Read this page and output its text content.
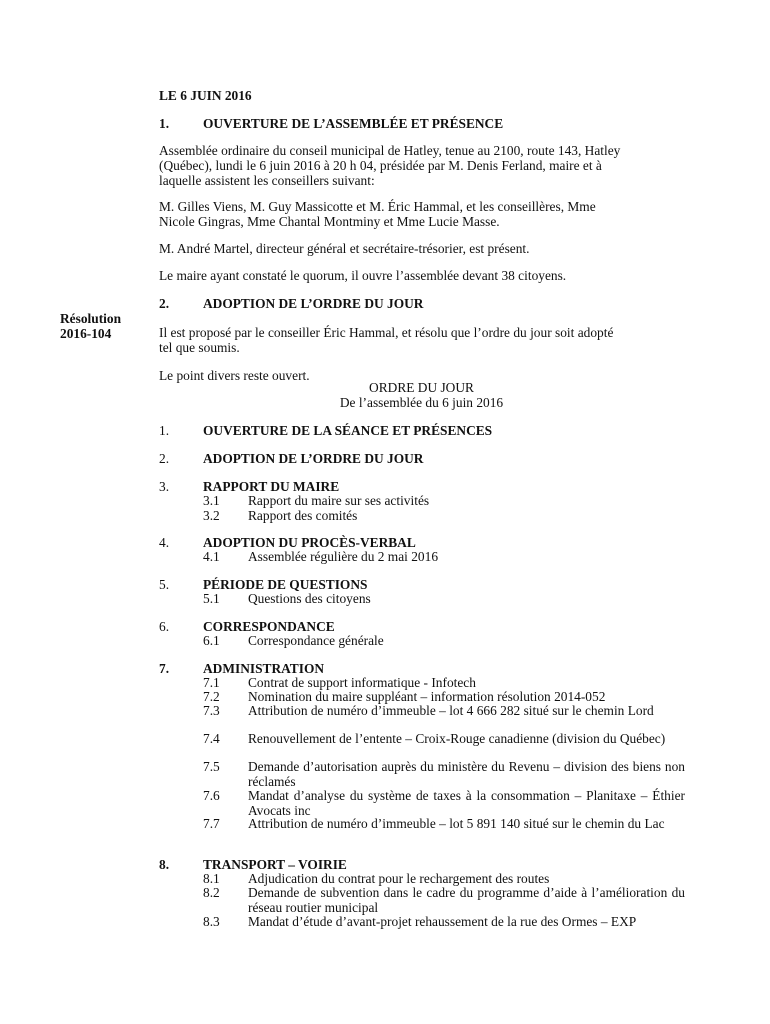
LE 6 JUIN 2016
1.	OUVERTURE DE L’ASSEMBLÉE ET PRÉSENCE
Assemblée ordinaire du conseil municipal de Hatley, tenue au 2100, route 143, Hatley
(Québec), lundi le 6 juin 2016 à 20 h 04, présidée par M. Denis Ferland, maire et à
laquelle assistent les conseillers suivant:
M. Gilles Viens, M. Guy Massicotte et M. Éric Hammal, et les conseillères, Mme
Nicole Gingras, Mme Chantal Montminy et Mme Lucie Masse.
M. André Martel, directeur général et secrétaire-trésorier, est présent.
Le maire ayant constaté le quorum, il ouvre l’assemblée devant 38 citoyens.
Résolution
2016-104
2.	ADOPTION DE L’ORDRE DU JOUR
Il est proposé par le conseiller Éric Hammal, et résolu que l’ordre du jour soit adopté
tel que soumis.
Le point divers reste ouvert.
ORDRE DU JOUR
De l’assemblée du 6 juin 2016
1.	OUVERTURE DE LA SÉANCE ET PRÉSENCES
2.	ADOPTION DE L’ORDRE DU JOUR
3.	RAPPORT DU MAIRE
3.1 Rapport du maire sur ses activités
3.2 Rapport des comités
4.	ADOPTION DU PROCÈS-VERBAL
4.1 Assemblée régulière du 2 mai 2016
5.	PÉRIODE DE QUESTIONS
5.1 Questions des citoyens
6.	CORRESPONDANCE
6.1 Correspondance générale
7.	ADMINISTRATION
7.1 Contrat de support informatique - Infotech
7.2 Nomination du maire suppléant – information résolution 2014-052
7.3 Attribution de numéro d’immeuble – lot 4 666 282 situé sur le chemin Lord
7.4 Renouvellement de l’entente – Croix-Rouge canadienne (division du Québec)
7.5 Demande d’autorisation auprès du ministère du Revenu – division des biens non réclamés
7.6 Mandat d’analyse du système de taxes à la consommation – Planitaxe – Éthier Avocats inc
7.7 Attribution de numéro d’immeuble – lot 5 891 140 situé sur le chemin du Lac
8.	TRANSPORT – VOIRIE
8.1 Adjudication du contrat pour le rechargement des routes
8.2 Demande de subvention dans le cadre du programme d’aide à l’amélioration du réseau routier municipal
8.3 Mandat d’étude d’avant-projet rehaussement de la rue des Ormes – EXP
